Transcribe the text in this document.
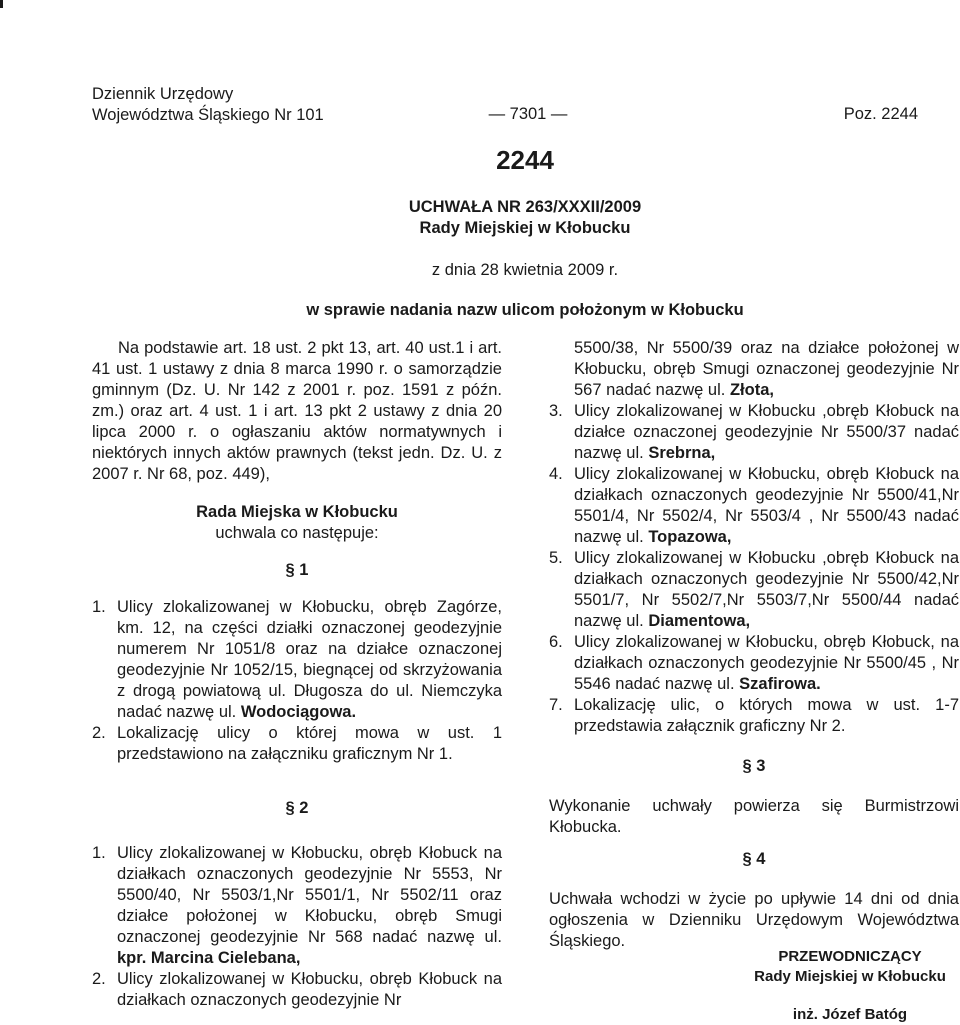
Dziennik Urzędowy
Województwa Śląskiego Nr 101	— 7301 —	Poz. 2244
2244
UCHWAŁA NR 263/XXXII/2009
Rady Miejskiej w Kłobucku
z dnia 28 kwietnia 2009 r.
w sprawie nadania nazw ulicom położonym w Kłobucku

Na podstawie art. 18 ust. 2 pkt 13, art. 40 ust.1 i art. 41 ust. 1 ustawy z dnia 8 marca 1990 r. o samorządzie gminnym (Dz. U. Nr 142 z 2001 r. poz. 1591 z późn. zm.) oraz art. 4 ust. 1 i art. 13 pkt 2 ustawy z dnia 20 lipca 2000 r. o ogłaszaniu aktów normatywnych i niektórych innych aktów prawnych (tekst jedn. Dz. U. z 2007 r. Nr 68, poz. 449),

Rada Miejska w Kłobucku

uchwala co następuje:

§ 1

1. Ulicy zlokalizowanej w Kłobucku, obręb Zagórze, km. 12, na części działki oznaczonej geodezyjnie numerem Nr 1051/8 oraz na działce oznaczonej geodezyjnie Nr 1052/15, biegnącej od skrzyżowania z drogą powiatową ul. Długosza do ul. Niemczyka nadać nazwę ul. Wodociągowa.
2. Lokalizację ulicy o której mowa w ust. 1 przedstawiono na załączniku graficznym Nr 1.

§ 2

1. Ulicy zlokalizowanej w Kłobucku, obręb Kłobuck na działkach oznaczonych geodezyjnie Nr 5553, Nr 5500/40, Nr 5503/1,Nr 5501/1, Nr 5502/11 oraz działce położonej w Kłobucku, obręb Smugi oznaczonej geodezyjnie Nr 568 nadać nazwę ul. kpr. Marcina Cielebana,
2. Ulicy zlokalizowanej w Kłobucku, obręb Kłobuck na działkach oznaczonych geodezyjnie Nr

5500/38, Nr 5500/39 oraz na działce położonej w Kłobucku, obręb Smugi oznaczonej geodezyjnie Nr 567 nadać nazwę ul. Złota,

3. Ulicy zlokalizowanej w Kłobucku ,obręb Kłobuck na działce oznaczonej geodezyjnie Nr 5500/37 nadać nazwę ul. Srebrna,
4. Ulicy zlokalizowanej w Kłobucku, obręb Kłobuck na działkach oznaczonych geodezyjnie Nr 5500/41,Nr 5501/4, Nr 5502/4, Nr 5503/4 , Nr 5500/43 nadać nazwę ul. Topazowa,
5. Ulicy zlokalizowanej w Kłobucku ,obręb Kłobuck na działkach oznaczonych geodezyjnie Nr 5500/42,Nr 5501/7, Nr 5502/7,Nr 5503/7,Nr 5500/44 nadać nazwę ul. Diamentowa,
6. Ulicy zlokalizowanej w Kłobucku, obręb Kłobuck, na działkach oznaczonych geodezyjnie Nr 5500/45 , Nr 5546 nadać nazwę ul. Szafirowa.
7. Lokalizację ulic, o których mowa w ust. 1-7 przedstawia załącznik graficzny Nr 2.

§ 3

Wykonanie uchwały powierza się Burmistrzowi Kłobucka.

§ 4

Uchwała wchodzi w życie po upływie 14 dni od dnia ogłoszenia w Dzienniku Urzędowym Województwa Śląskiego.

PRZEWODNICZĄCY
Rady Miejskiej w Kłobucku
inż. Józef Batóg
